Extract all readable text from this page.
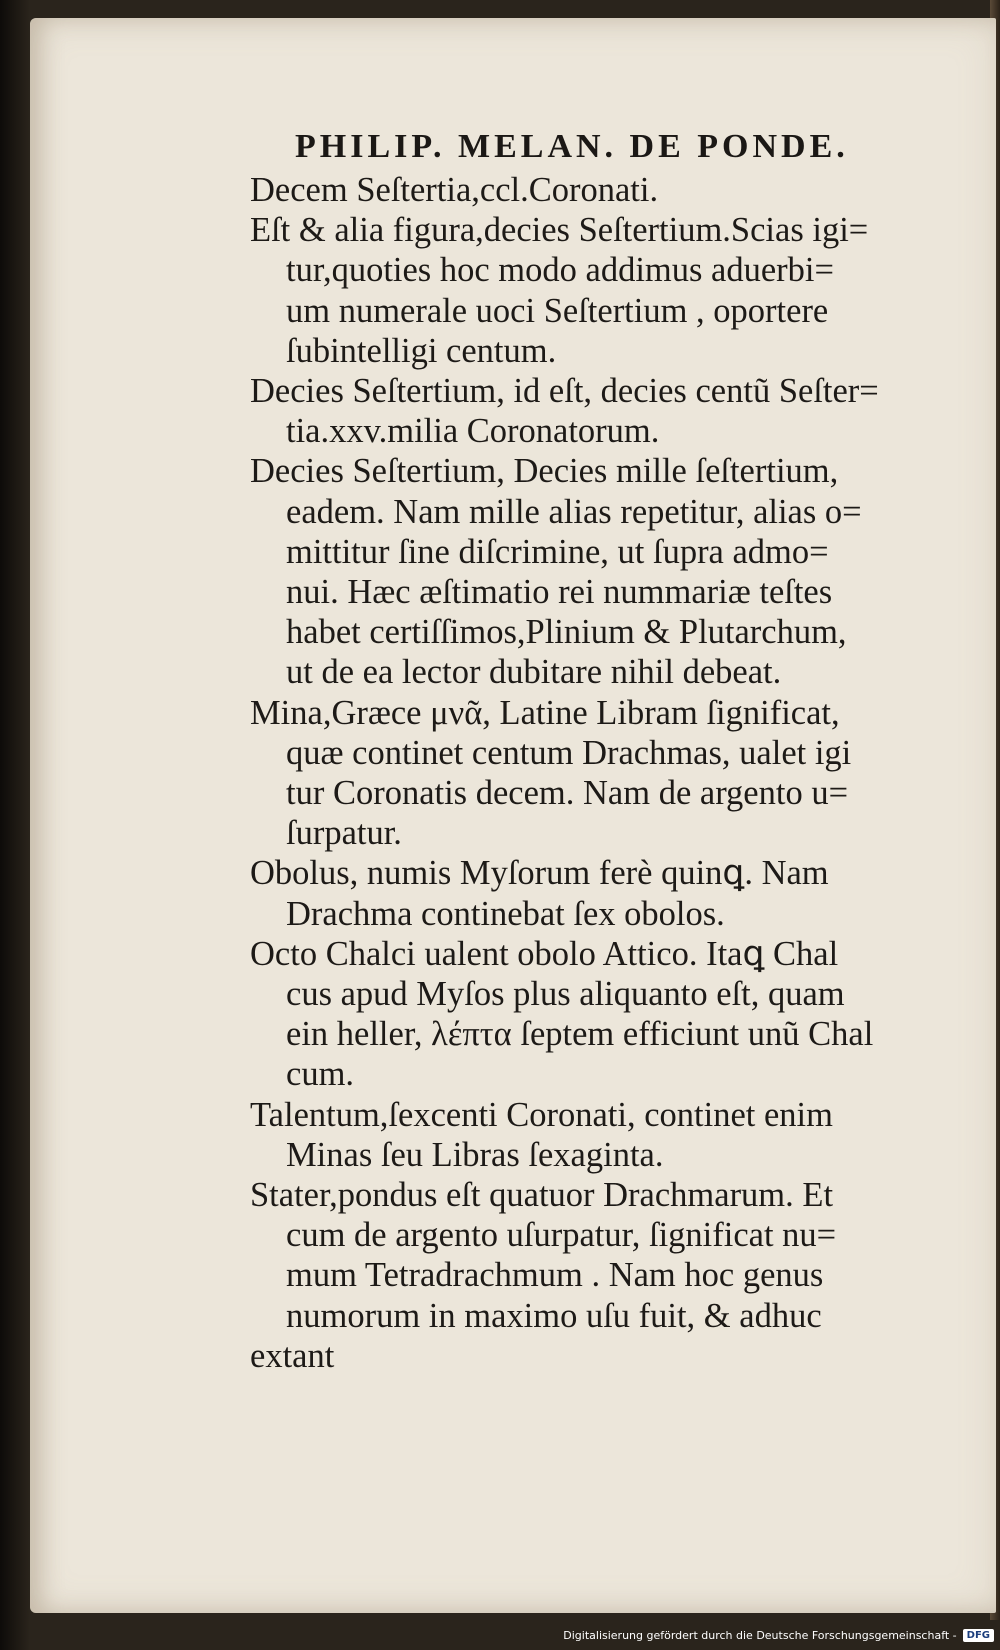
PHILIP. MELAN. DE PONDE.
Decem Seſtertia,ccl.Coronati.
Eſt & alia figura,decies Seſtertium.Scias igi=
tur,quoties hoc modo addimus aduerbi=
um numerale uoci Seſtertium , oportere
ſubintelligi centum.
Decies Seſtertium, id eſt, decies centũ Seſter=
tia.xxv.milia Coronatorum.
Decies Seſtertium, Decies mille ſeſtertium,
eadem. Nam mille alias repetitur, alias o=
mittitur ſine diſcrimine, ut ſupra admo=
nui. Hæc æſtimatio rei nummariæ teſtes
habet certiſſimos,Plinium & Plutarchum,
ut de ea lector dubitare nihil debeat.
Mina,Græce μνᾶ, Latine Libram ſignificat,
quæ continet centum Drachmas, ualet igi
tur Coronatis decem. Nam de argento u=
ſurpatur.
Obolus, numis Myſorum ferè quinꝗ. Nam
Drachma continebat ſex obolos.
Octo Chalci ualent obolo Attico. Itaꝗ Chal
cus apud Myſos plus aliquanto eſt, quam
ein heller, λέπτα ſeptem efficiunt unũ Chal
cum.
Talentum,ſexcenti Coronati, continet enim
Minas ſeu Libras ſexaginta.
Stater,pondus eſt quatuor Drachmarum. Et
cum de argento uſurpatur, ſignificat nu=
mum Tetradrachmum . Nam hoc genus
numorum in maximo uſu fuit, & adhuc
extant
Digitalisierung gefördert durch die Deutsche Forschungsgemeinschaft -	DFG
